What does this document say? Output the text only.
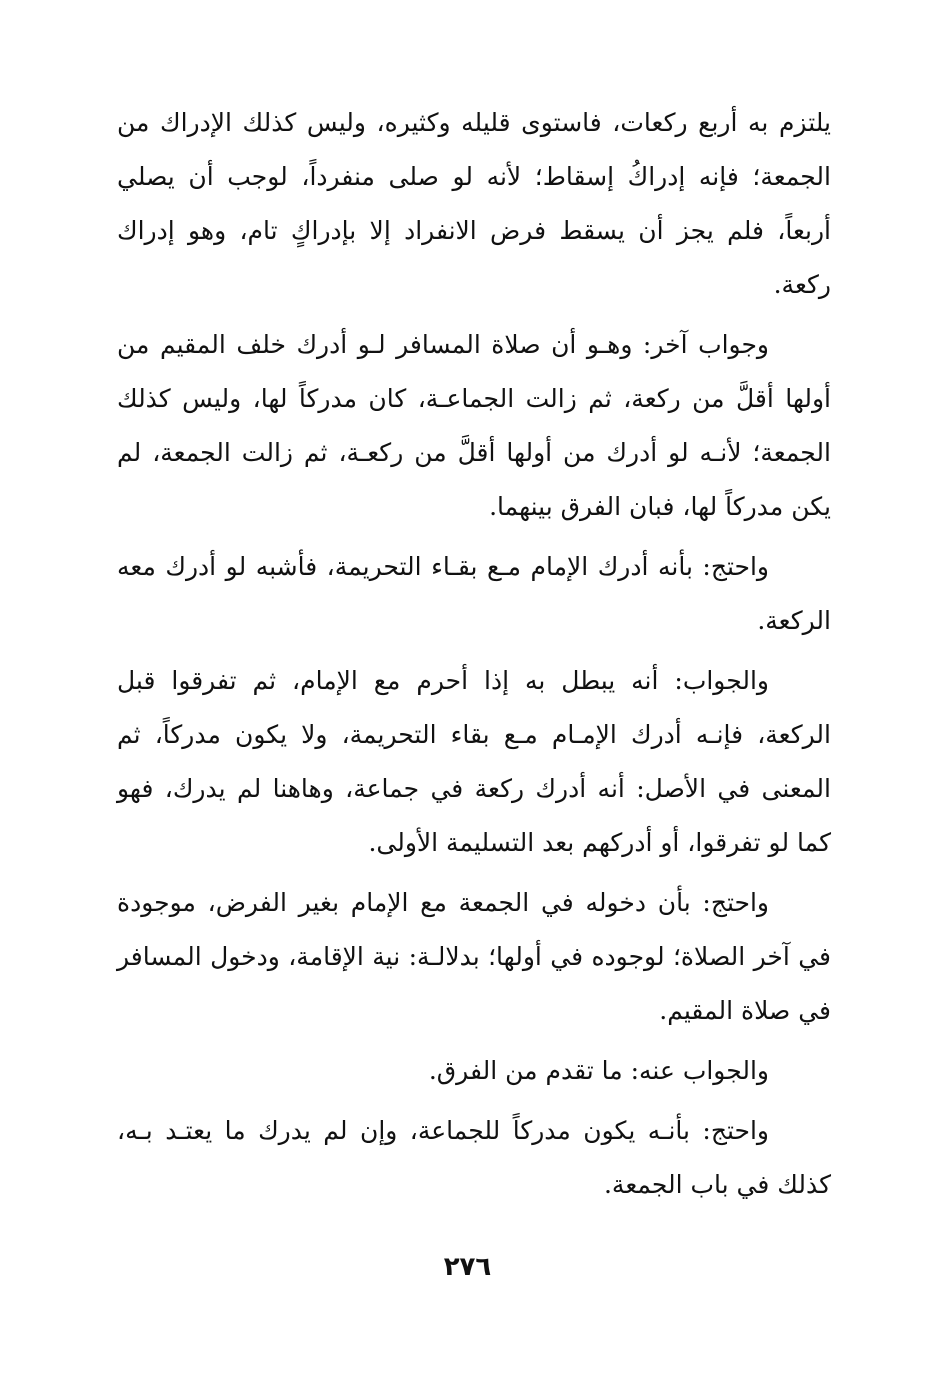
يلتزم به أربع ركعات، فاستوى قليله وكثيره، وليس كذلك الإدراك من الجمعة؛ فإنه إدراكُ إسقاط؛ لأنه لو صلى منفرداً، لوجب أن يصلي أربعاً، فلم يجز أن يسقط فرض الانفراد إلا بإدراكٍ تام، وهو إدراك ركعة.

وجواب آخر: وهـو أن صلاة المسافر لـو أدرك خلف المقيم من أولها أقلَّ من ركعة، ثم زالت الجماعـة، كان مدركاً لها، وليس كذلك الجمعة؛ لأنـه لو أدرك من أولها أقلَّ من ركعـة، ثم زالت الجمعة، لم يكن مدركاً لها، فبان الفرق بينهما.

واحتج: بأنه أدرك الإمام مـع بقـاء التحريمة، فأشبه لو أدرك معه الركعة.

والجواب: أنه يبطل به إذا أحرم مع الإمام، ثم تفرقوا قبل الركعة، فإنـه أدرك الإمـام مـع بقاء التحريمة، ولا يكون مدركاً، ثم المعنى في الأصل: أنه أدرك ركعة في جماعة، وهاهنا لم يدرك، فهو كما لو تفرقوا، أو أدركهم بعد التسليمة الأولى.

واحتج: بأن دخوله في الجمعة مع الإمام بغير الفرض، موجودة في آخر الصلاة؛ لوجوده في أولها؛ بدلالـة: نية الإقامة، ودخول المسافر في صلاة المقيم.

والجواب عنه: ما تقدم من الفرق.

واحتج: بأنـه يكون مدركاً للجماعة، وإن لم يدرك ما يعتـد بـه، كذلك في باب الجمعة.

٢٧٦
